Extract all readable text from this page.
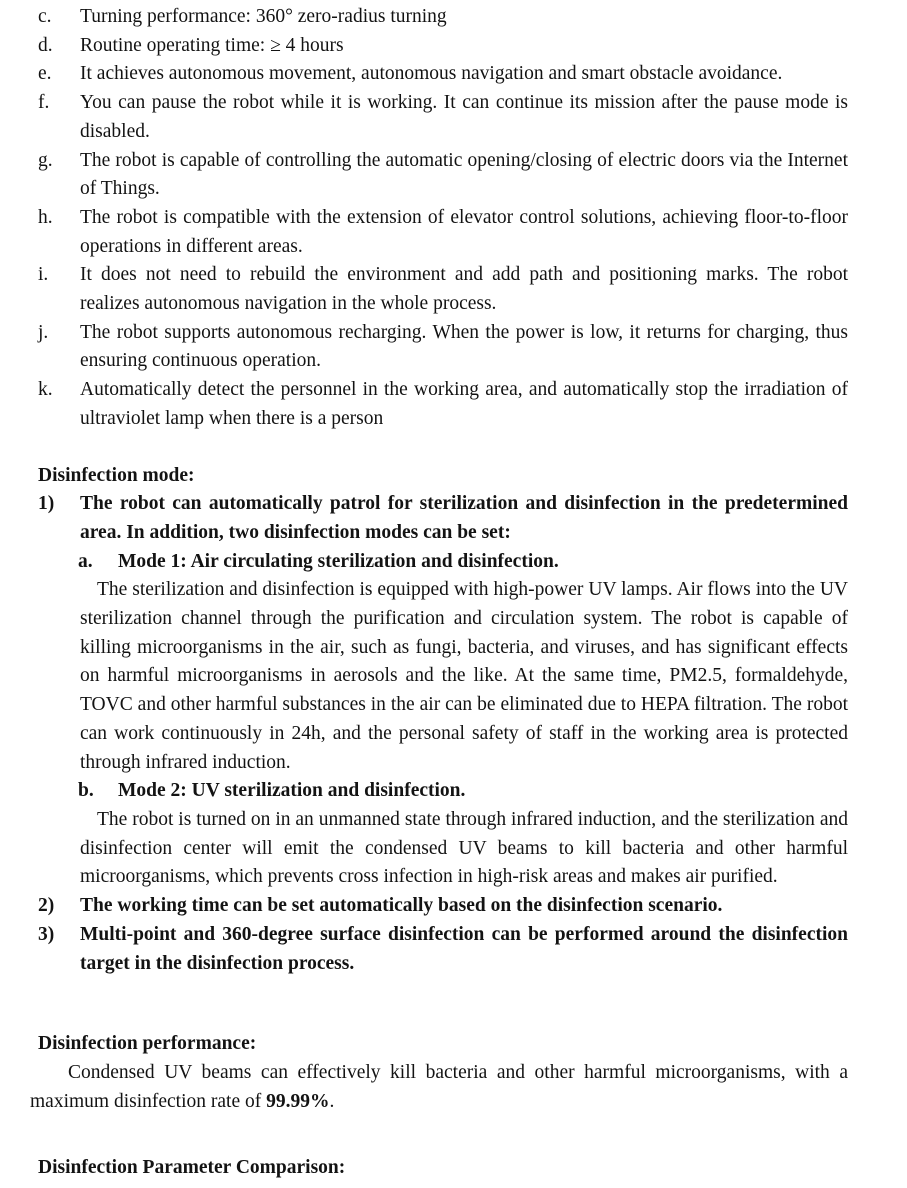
c. Turning performance: 360° zero-radius turning
d. Routine operating time: ≥ 4 hours
e. It achieves autonomous movement, autonomous navigation and smart obstacle avoidance.
f. You can pause the robot while it is working. It can continue its mission after the pause mode is disabled.
g. The robot is capable of controlling the automatic opening/closing of electric doors via the Internet of Things.
h. The robot is compatible with the extension of elevator control solutions, achieving floor-to-floor operations in different areas.
i. It does not need to rebuild the environment and add path and positioning marks. The robot realizes autonomous navigation in the whole process.
j. The robot supports autonomous recharging. When the power is low, it returns for charging, thus ensuring continuous operation.
k. Automatically detect the personnel in the working area, and automatically stop the irradiation of ultraviolet lamp when there is a person
Disinfection mode:
1) The robot can automatically patrol for sterilization and disinfection in the predetermined area. In addition, two disinfection modes can be set:
a. Mode 1: Air circulating sterilization and disinfection.
The sterilization and disinfection is equipped with high-power UV lamps. Air flows into the UV sterilization channel through the purification and circulation system. The robot is capable of killing microorganisms in the air, such as fungi, bacteria, and viruses, and has significant effects on harmful microorganisms in aerosols and the like. At the same time, PM2.5, formaldehyde, TOVC and other harmful substances in the air can be eliminated due to HEPA filtration. The robot can work continuously in 24h, and the personal safety of staff in the working area is protected through infrared induction.
b. Mode 2: UV sterilization and disinfection.
The robot is turned on in an unmanned state through infrared induction, and the sterilization and disinfection center will emit the condensed UV beams to kill bacteria and other harmful microorganisms, which prevents cross infection in high-risk areas and makes air purified.
2) The working time can be set automatically based on the disinfection scenario.
3) Multi-point and 360-degree surface disinfection can be performed around the disinfection target in the disinfection process.
Disinfection performance:
Condensed UV beams can effectively kill bacteria and other harmful microorganisms, with a maximum disinfection rate of 99.99%.
Disinfection Parameter Comparison:
